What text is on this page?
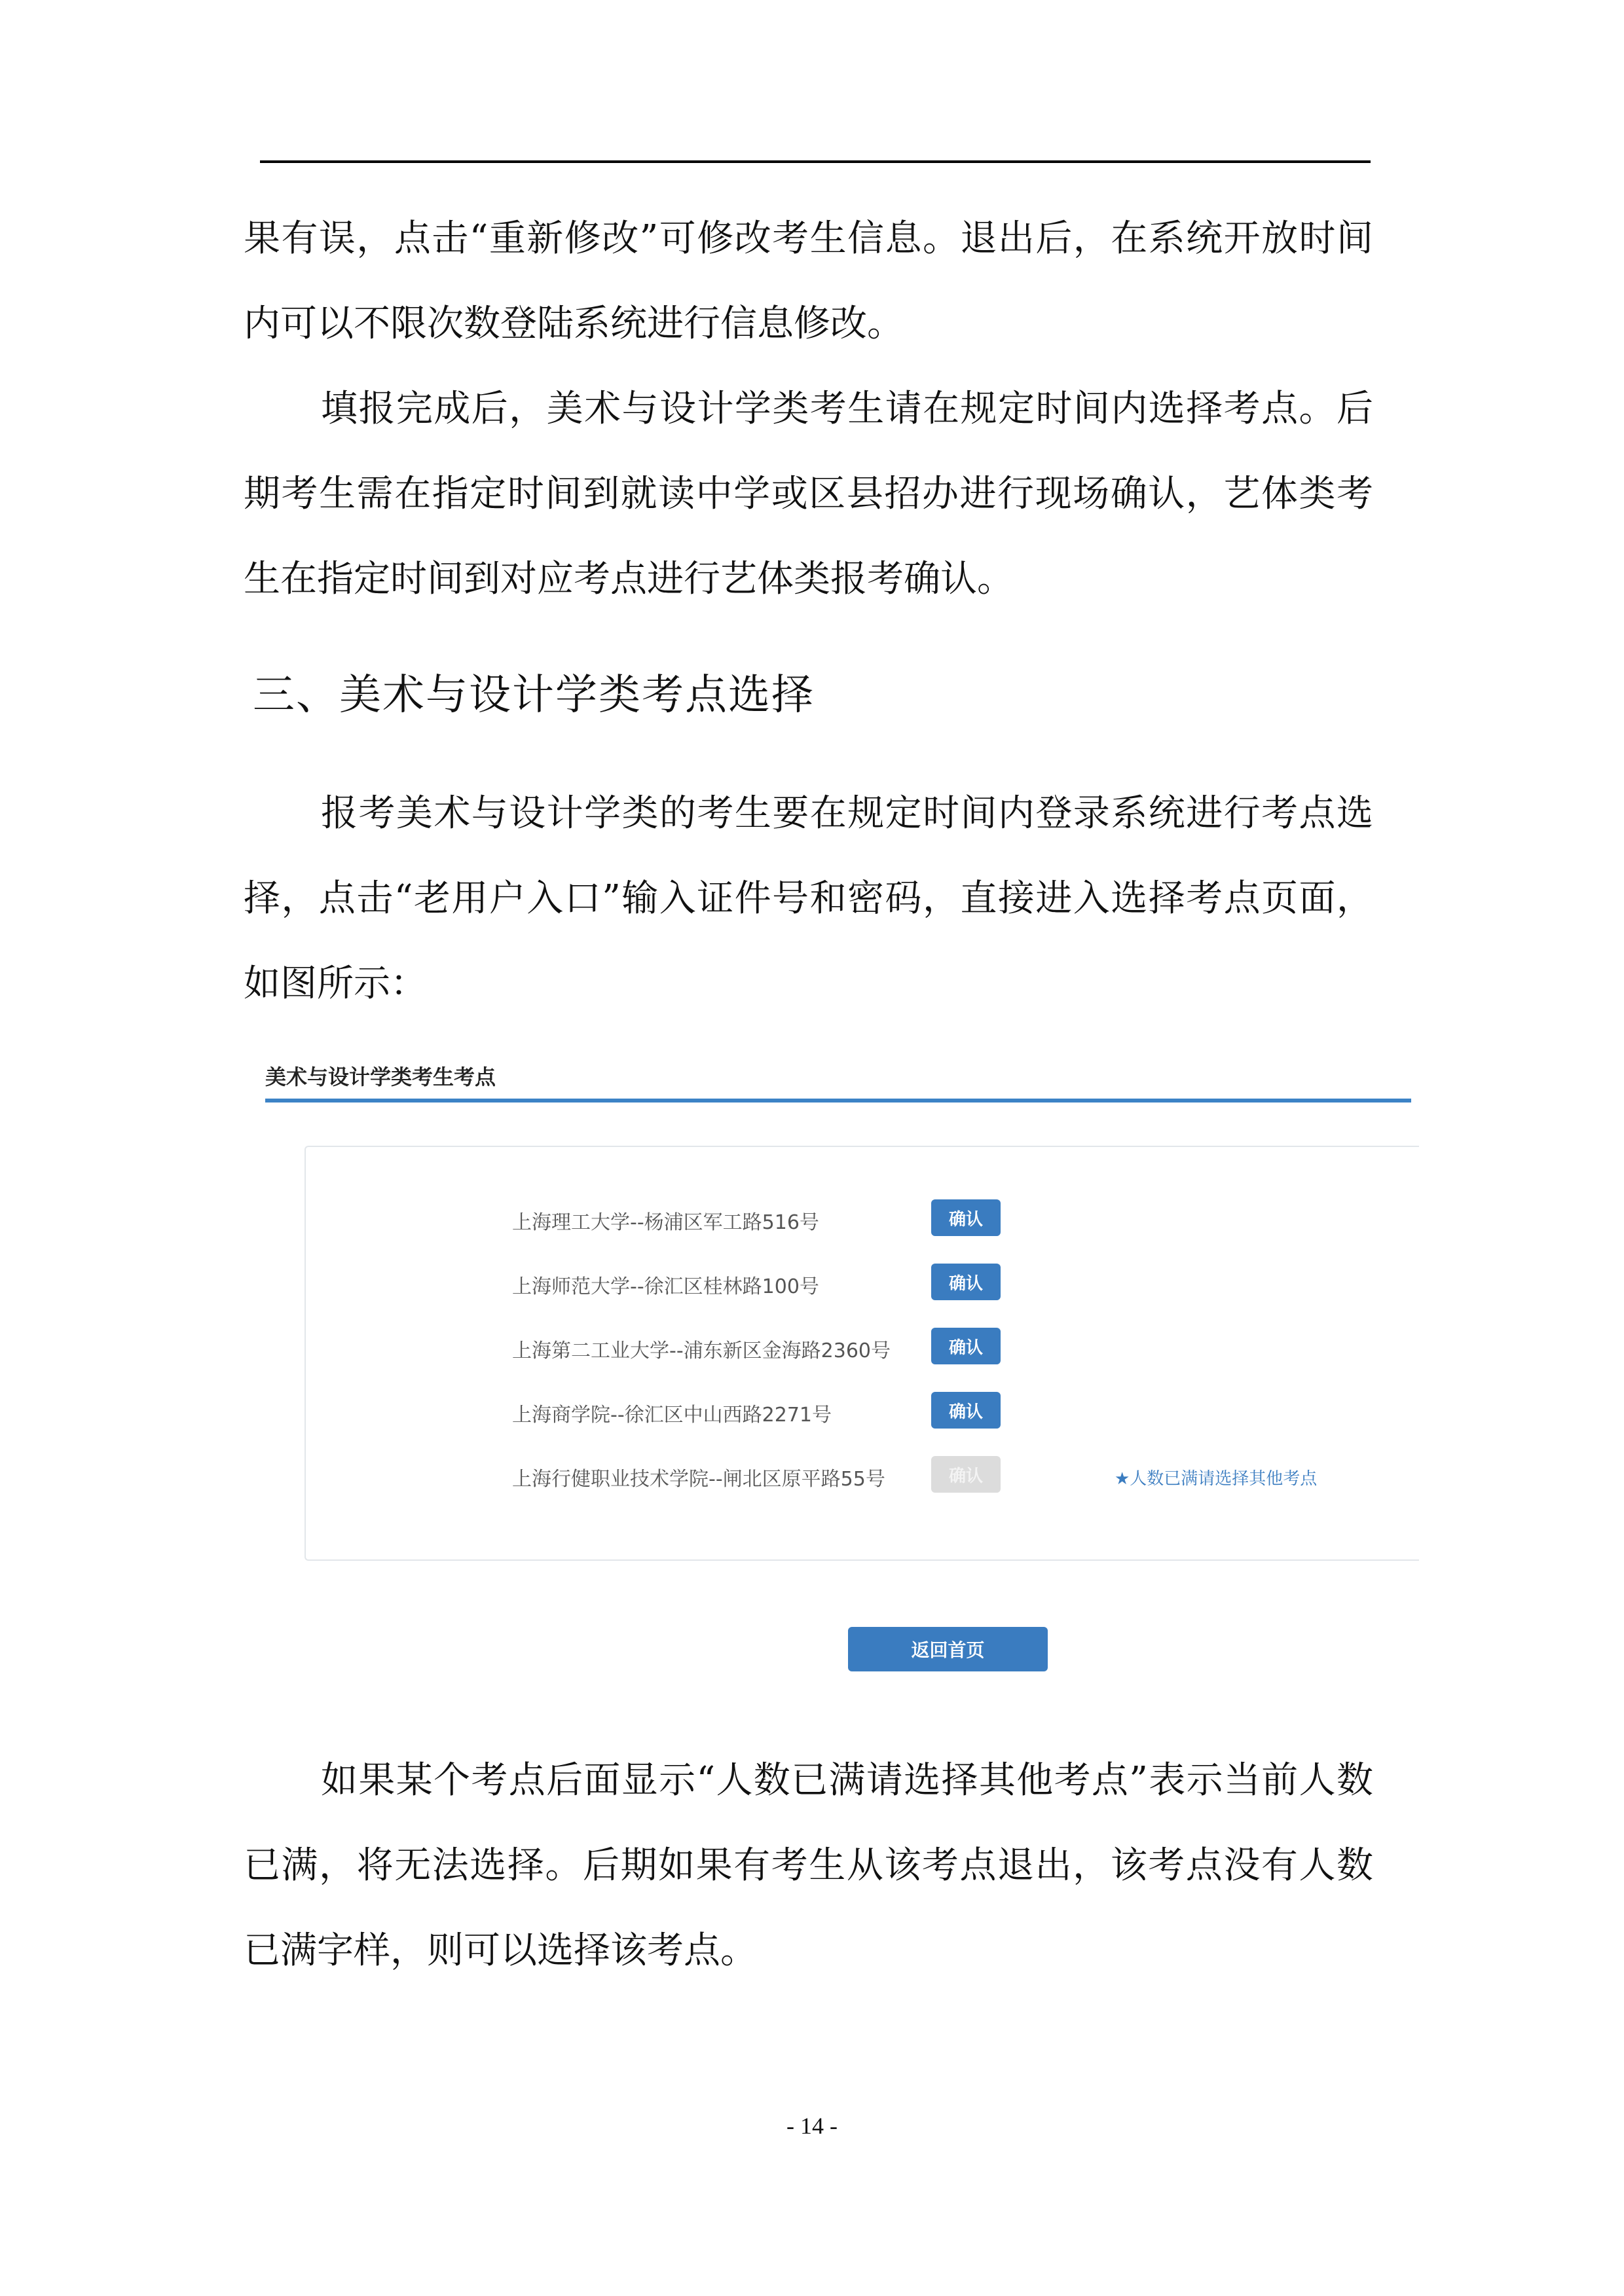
果有误，点击“重新修改”可修改考生信息。退出后，在系统开放时间内可以不限次数登陆系统进行信息修改。

填报完成后，美术与设计学类考生请在规定时间内选择考点。后期考生需在指定时间到就读中学或区县招办进行现场确认，艺体类考生在指定时间到对应考点进行艺体类报考确认。

三、美术与设计学类考点选择

报考美术与设计学类的考生要在规定时间内登录系统进行考点选择，点击“老用户入口”输入证件号和密码，直接进入选择考点页面，如图所示：

美术与设计学类考生考点
上海理工大学--杨浦区军工路516号	确认
上海师范大学--徐汇区桂林路100号	确认
上海第二工业大学--浦东新区金海路2360号	确认
上海商学院--徐汇区中山西路2271号	确认
上海行健职业技术学院--闸北区原平路55号	确认	★人数已满请选择其他考点
返回首页

如果某个考点后面显示“人数已满请选择其他考点”表示当前人数已满，将无法选择。后期如果有考生从该考点退出，该考点没有人数已满字样，则可以选择该考点。

- 14 -
